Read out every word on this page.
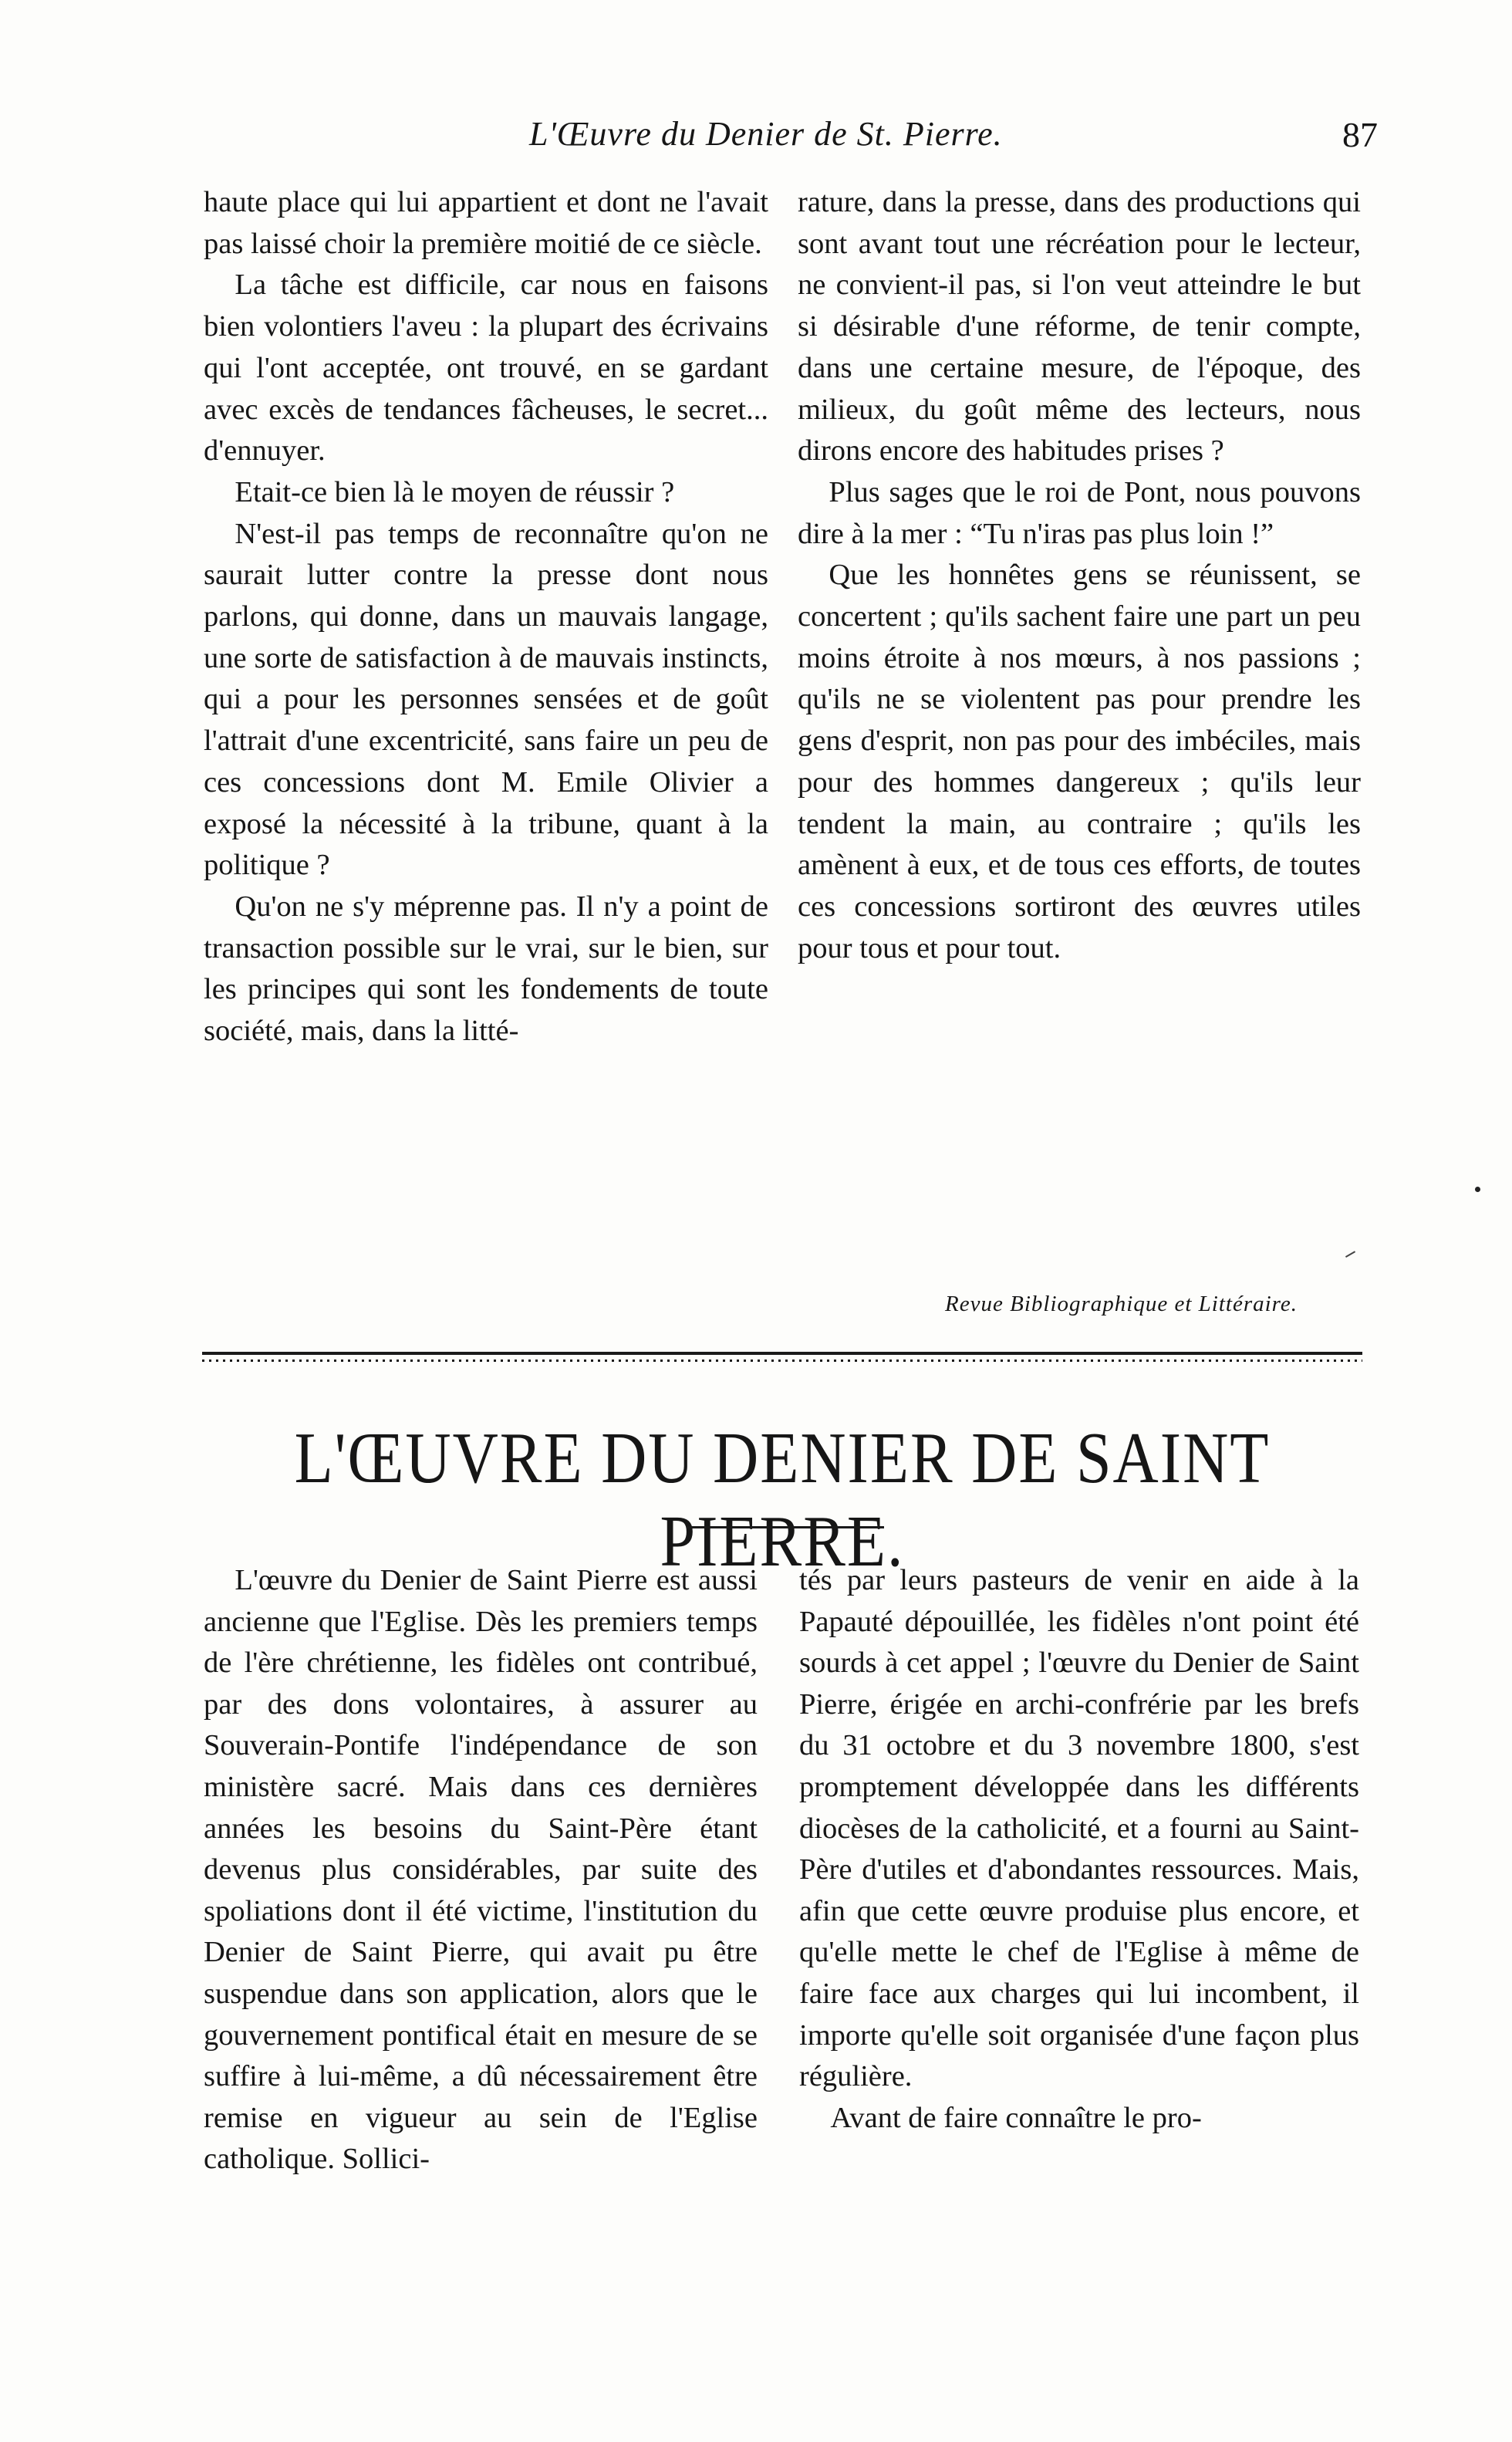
L'Œuvre du Denier de St. Pierre.	87

haute place qui lui appartient et dont ne l'avait pas laissé choir la première moitié de ce siècle.

La tâche est difficile, car nous en faisons bien volontiers l'aveu : la plupart des écrivains qui l'ont acceptée, ont trouvé, en se gardant avec excès de tendances fâcheuses, le secret... d'ennuyer.

Etait-ce bien là le moyen de réussir ?

N'est-il pas temps de reconnaître qu'on ne saurait lutter contre la presse dont nous parlons, qui donne, dans un mauvais langage, une sorte de satisfaction à de mauvais instincts, qui a pour les personnes sensées et de goût l'attrait d'une excentricité, sans faire un peu de ces concessions dont M. Emile Olivier a exposé la nécessité à la tribune, quant à la politique ?

Qu'on ne s'y méprenne pas. Il n'y a point de transaction possible sur le vrai, sur le bien, sur les principes qui sont les fondements de toute société, mais, dans la litté-

rature, dans la presse, dans des productions qui sont avant tout une récréation pour le lecteur, ne convient-il pas, si l'on veut atteindre le but si désirable d'une réforme, de tenir compte, dans une certaine mesure, de l'époque, des milieux, du goût même des lecteurs, nous dirons encore des habitudes prises ?

Plus sages que le roi de Pont, nous pouvons dire à la mer : “Tu n'iras pas plus loin !”

Que les honnêtes gens se réunissent, se concertent ; qu'ils sachent faire une part un peu moins étroite à nos mœurs, à nos passions ; qu'ils ne se violentent pas pour prendre les gens d'esprit, non pas pour des imbéciles, mais pour des hommes dangereux ; qu'ils leur tendent la main, au contraire ; qu'ils les amènent à eux, et de tous ces efforts, de toutes ces concessions sortiront des œuvres utiles pour tous et pour tout.

Revue Bibliographique et Littéraire.
L'ŒUVRE DU DENIER DE SAINT PIERRE.

L'œuvre du Denier de Saint Pierre est aussi ancienne que l'Eglise. Dès les premiers temps de l'ère chrétienne, les fidèles ont contribué, par des dons volontaires, à assurer au Souverain-Pontife l'indépendance de son ministère sacré. Mais dans ces dernières années les besoins du Saint-Père étant devenus plus considérables, par suite des spoliations dont il été victime, l'institution du Denier de Saint Pierre, qui avait pu être suspendue dans son application, alors que le gouvernement pontifical était en mesure de se suffire à lui-même, a dû nécessairement être remise en vigueur au sein de l'Eglise catholique. Sollici-

tés par leurs pasteurs de venir en aide à la Papauté dépouillée, les fidèles n'ont point été sourds à cet appel ; l'œuvre du Denier de Saint Pierre, érigée en archi-confrérie par les brefs du 31 octobre et du 3 novembre 1800, s'est promptement développée dans les différents diocèses de la catholicité, et a fourni au Saint-Père d'utiles et d'abondantes ressources. Mais, afin que cette œuvre produise plus encore, et qu'elle mette le chef de l'Eglise à même de faire face aux charges qui lui incombent, il importe qu'elle soit organisée d'une façon plus régulière.

Avant de faire connaître le pro-
